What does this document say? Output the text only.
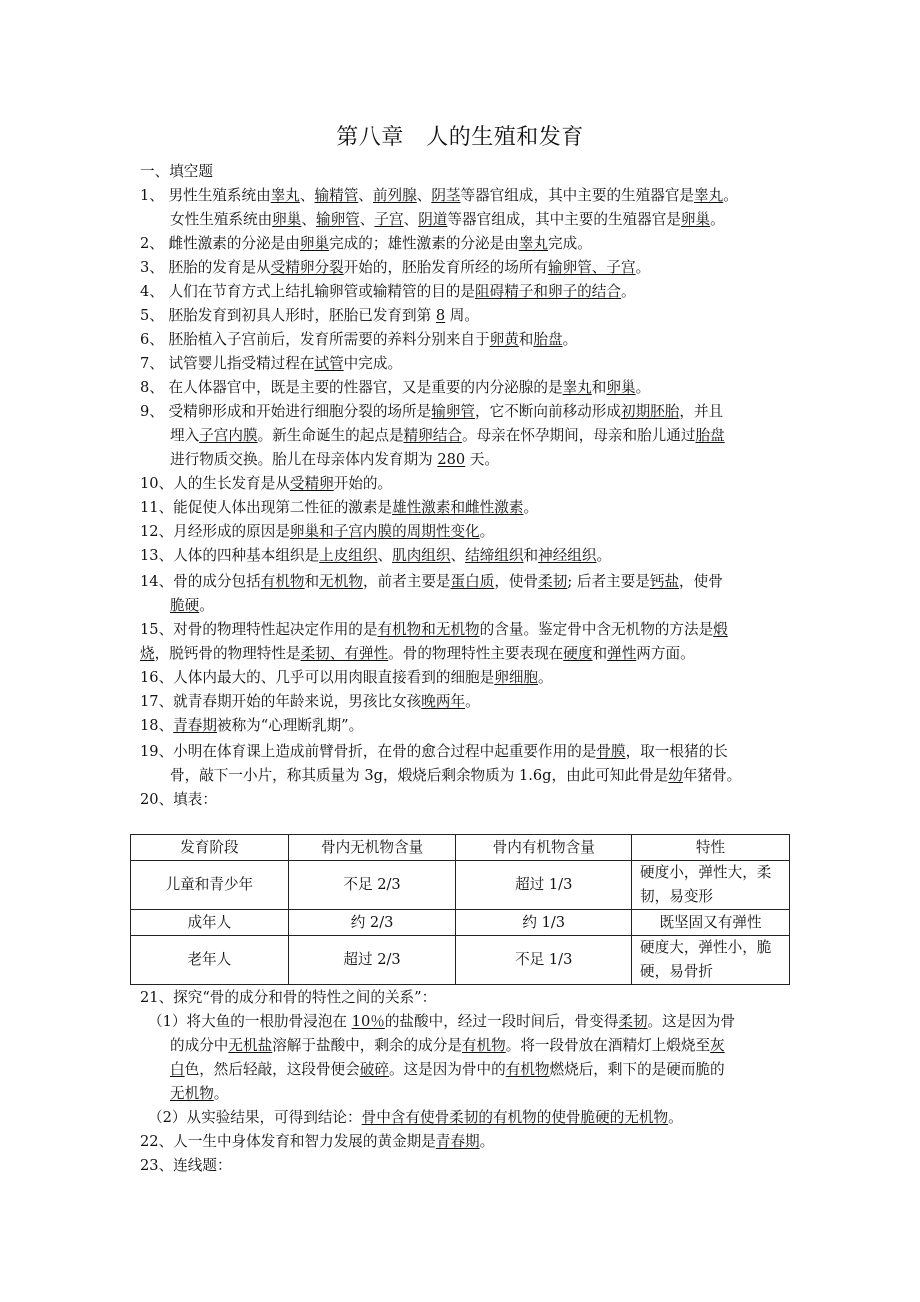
第八章　人的生殖和发育
一、填空题
1、 男性生殖系统由睾丸、输精管、前列腺、阴茎等器官组成，其中主要的生殖器官是睾丸。
女性生殖系统由卵巢、输卵管、子宫、阴道等器官组成，其中主要的生殖器官是卵巢。
2、 雌性激素的分泌是由卵巢完成的；雄性激素的分泌是由睾丸完成。
3、 胚胎的发育是从受精卵分裂开始的，胚胎发育所经的场所有输卵管、子宫。
4、 人们在节育方式上结扎输卵管或输精管的目的是阻碍精子和卵子的结合。
5、 胚胎发育到初具人形时，胚胎已发育到第 8 周。
6、 胚胎植入子宫前后，发育所需要的养料分别来自于卵黄和胎盘。
7、 试管婴儿指受精过程在试管中完成。
8、 在人体器官中，既是主要的性器官，又是重要的内分泌腺的是睾丸和卵巢。
9、 受精卵形成和开始进行细胞分裂的场所是输卵管，它不断向前移动形成初期胚胎，并且
埋入子宫内膜。新生命诞生的起点是精卵结合。母亲在怀孕期间，母亲和胎儿通过胎盘
进行物质交换。胎儿在母亲体内发育期为 280 天。
10、人的生长发育是从受精卵开始的。
11、能促使人体出现第二性征的激素是雄性激素和雌性激素。
12、月经形成的原因是卵巢和子宫内膜的周期性变化。
13、人体的四种基本组织是上皮组织、肌肉组织、结缔组织和神经组织。
14、骨的成分包括有机物和无机物，前者主要是蛋白质，使骨柔韧; 后者主要是钙盐，使骨
脆硬。
15、对骨的物理特性起决定作用的是有机物和无机物的含量。鉴定骨中含无机物的方法是煅
烧，脱钙骨的物理特性是柔韧、有弹性。骨的物理特性主要表现在硬度和弹性两方面。
16、人体内最大的、几乎可以用肉眼直接看到的细胞是卵细胞。
17、就青春期开始的年龄来说，男孩比女孩晚两年。
18、青春期被称为“心理断乳期”。
19、小明在体育课上造成前臂骨折，在骨的愈合过程中起重要作用的是骨膜，取一根猪的长
骨，敲下一小片，称其质量为 3g，煅烧后剩余物质为 1.6g，由此可知此骨是幼年猪骨。
20、填表：
发育阶段	骨内无机物含量	骨内有机物含量	特性
儿童和青少年	不足 2/3	超过 1/3	硬度小，弹性大，柔韧，易变形
成年人	约 2/3	约 1/3	既坚固又有弹性
老年人	超过 2/3	不足 1/3	硬度大，弹性小，脆硬，易骨折
21、探究“骨的成分和骨的特性之间的关系”：
（1）将大鱼的一根肋骨浸泡在 10％的盐酸中，经过一段时间后，骨变得柔韧。这是因为骨
的成分中无机盐溶解于盐酸中，剩余的成分是有机物。将一段骨放在酒精灯上煅烧至灰
白色，然后轻敲，这段骨便会破碎。这是因为骨中的有机物燃烧后，剩下的是硬而脆的
无机物。
（2）从实验结果，可得到结论：骨中含有使骨柔韧的有机物的使骨脆硬的无机物。
22、人一生中身体发育和智力发展的黄金期是青春期。
23、连线题：
